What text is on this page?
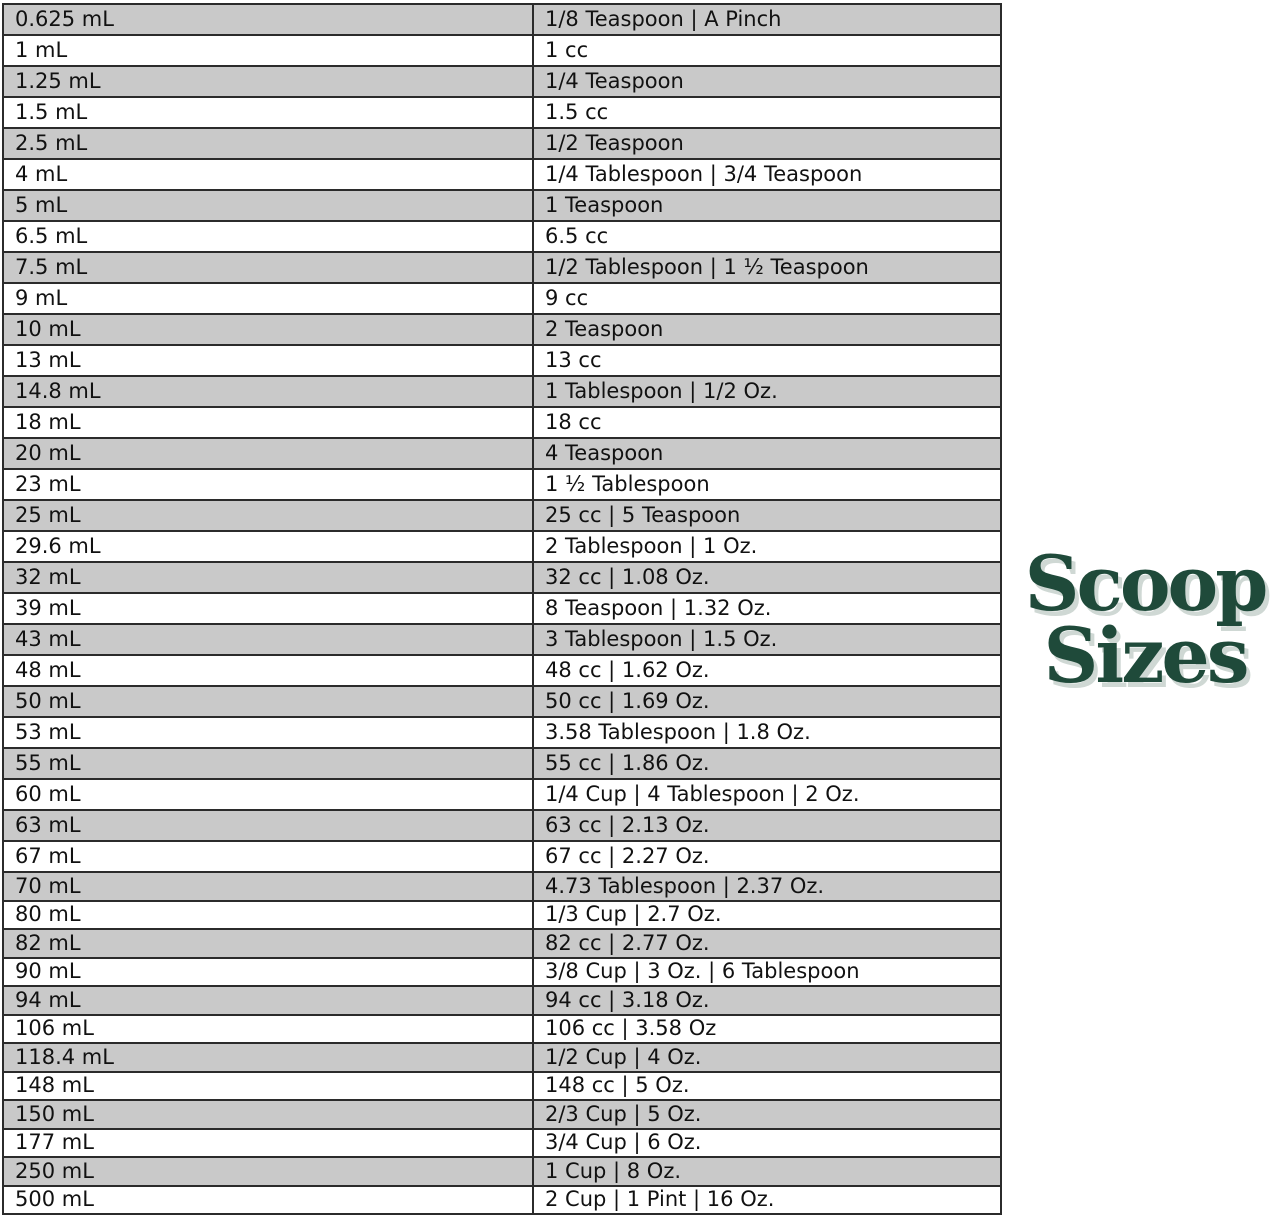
0.625 mL	1/8 Teaspoon | A Pinch
1 mL	1 cc
1.25 mL	1/4 Teaspoon
1.5 mL	1.5 cc
2.5 mL	1/2 Teaspoon
4 mL	1/4 Tablespoon | 3/4 Teaspoon
5 mL	1 Teaspoon
6.5 mL	6.5 cc
7.5 mL	1/2 Tablespoon | 1 ½ Teaspoon
9 mL	9 cc
10 mL	2 Teaspoon
13 mL	13 cc
14.8 mL	1 Tablespoon | 1/2 Oz.
18 mL	18 cc
20 mL	4 Teaspoon
23 mL	1 ½ Tablespoon
25 mL	25 cc | 5 Teaspoon
29.6 mL	2 Tablespoon | 1 Oz.
32 mL	32 cc | 1.08 Oz.
39 mL	8 Teaspoon | 1.32 Oz.
43 mL	3 Tablespoon | 1.5 Oz.
48 mL	48 cc | 1.62 Oz.
50 mL	50 cc | 1.69 Oz.
53 mL	3.58 Tablespoon | 1.8 Oz.
55 mL	55 cc | 1.86 Oz.
60 mL	1/4 Cup | 4 Tablespoon | 2 Oz.
63 mL	63 cc | 2.13 Oz.
67 mL	67 cc | 2.27 Oz.
70 mL	4.73 Tablespoon | 2.37 Oz.
80 mL	1/3 Cup | 2.7 Oz.
82 mL	82 cc | 2.77 Oz.
90 mL	3/8 Cup | 3 Oz. | 6 Tablespoon
94 mL	94 cc | 3.18 Oz.
106 mL	106 cc | 3.58 Oz
118.4 mL	1/2 Cup | 4 Oz.
148 mL	148 cc | 5 Oz.
150 mL	2/3 Cup | 5 Oz.
177 mL	3/4 Cup | 6 Oz.
250 mL	1 Cup | 8 Oz.
500 mL	2 Cup | 1 Pint | 16 Oz.
Scoop
Sizes
